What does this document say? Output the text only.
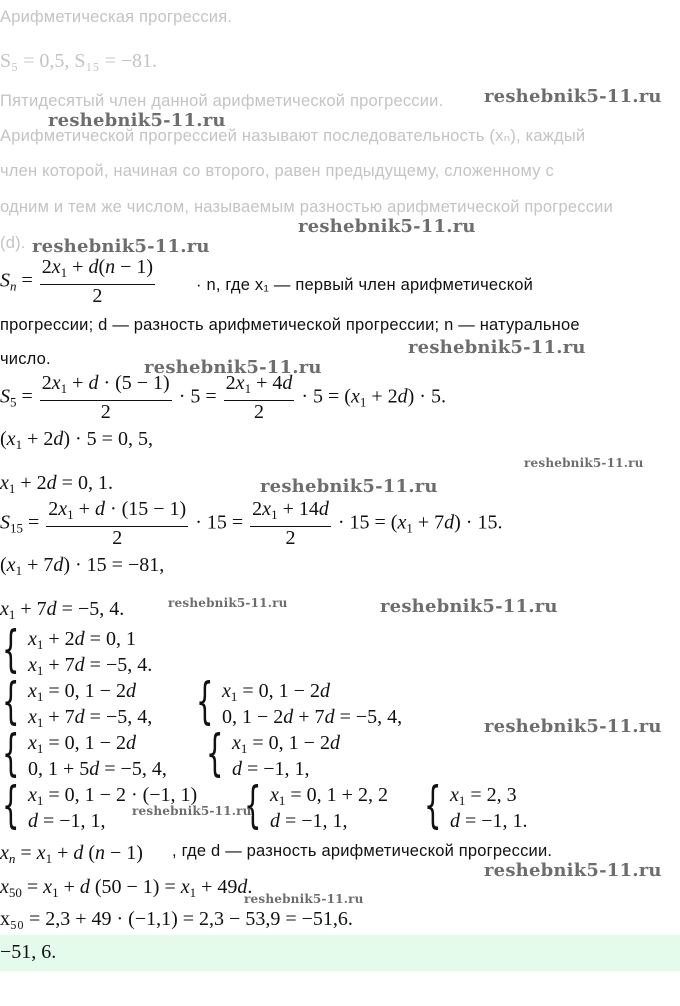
Арифметическая прогрессия.
S₅ = 0,5, S₁₅ = −81.
Пятидесятый член данной арифметической прогрессии.
Арифметической прогрессией называют последовательность (xₙ), каждый
член которой, начиная со второго, равен предыдущему, сложенному с
одним и тем же числом, называемым разностью арифметической прогрессии
(d).
$S_n = \frac{2x_1 + d(n - 1)}{2} \cdot n$, где x₁ — первый член арифметической
прогрессии; d — разность арифметической прогрессии; n — натуральное
число.
$S_5 = \frac{2x_1 + d \cdot (5 - 1)}{2} \cdot 5 = \frac{2x_1 + 4d}{2} \cdot 5 = (x_1 + 2d) \cdot 5$.
$(x_1 + 2d) \cdot 5 = 0$, 5,
$x_1 + 2d = 0$, 1.
$S_{15} = \frac{2x_1 + d \cdot (15 - 1)}{2} \cdot 15 = \frac{2x_1 + 14d}{2} \cdot 15 = (x_1 + 7d) \cdot 15$.
$(x_1 + 7d) \cdot 15 = -81$,
$x_1 + 7d = -5$, 4.
{ $x_1 + 2d = 0$, 1
$x_1 + 7d = -5$, 4.
{ $x_1 = 0$, 1 − 2d
$x_1 + 7d = -5$, 4, { $x_1 = 0$, 1 − 2d
0, 1 − 2d + 7d = −5, 4,
{ $x_1 = 0$, 1 − 2d
0, 1 + 5d = −5, 4, { $x_1 = 0$, 1 − 2d
d = −1, 1,
{ $x_1 = 0$, 1 − 2 · (−1, 1)
d = −1, 1,	{ $x_1 = 0$, 1 + 2, 2
d = −1, 1, { $x_1 = 2$, 3
d = −1, 1.
$x_n = x_1 + d$ (n − 1) , где d — разность арифметической прогрессии.
$x_{50} = x_1 + d$ $(50 - 1) = x_1 + 49d$.
x₅₀ = 2,3 + 49 · (−1,1) = 2,3 − 53,9 = −51,6.
−51, 6.
reshebnik5-11.ru
reshebnik5-11.ru
reshebnik5-11.ru
reshebnik5-11.ru
reshebnik5-11.ru
reshebnik5-11.ru
reshebnik5-11.ru
reshebnik5-11.ru
reshebnik5-11.ru	reshebnik5-11.ru
reshebnik5-11.ru
reshebnik5-11.ru
reshebnik5-11.ru
reshebnik5-11.ru
